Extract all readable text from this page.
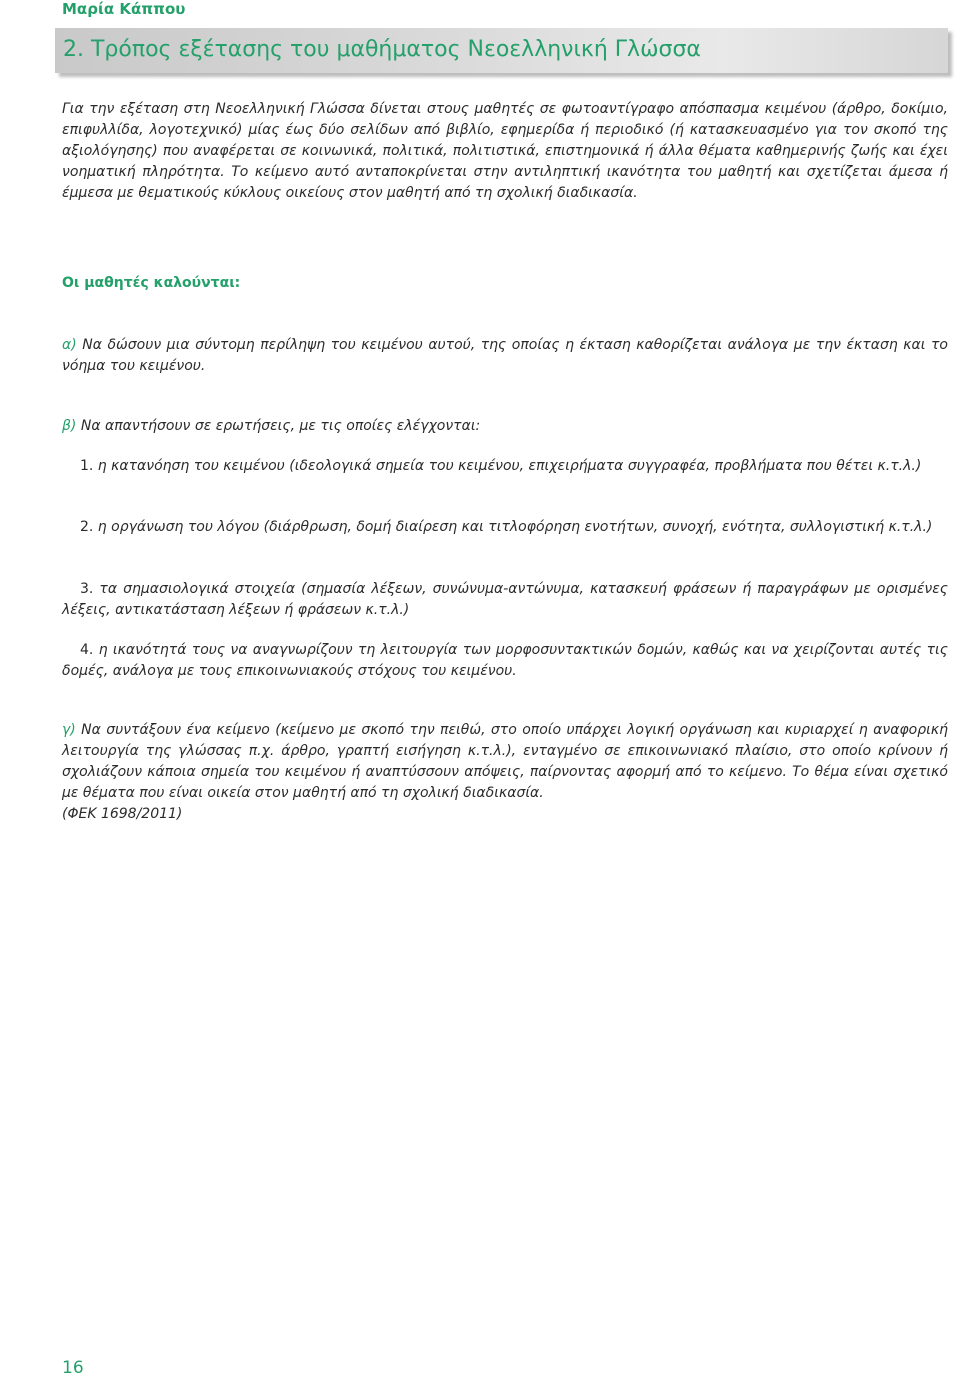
Μαρία Κάππου
2. Τρόπος εξέτασης του μαθήματος Νεοελληνική Γλώσσα

Για την εξέταση στη Νεοελληνική Γλώσσα δίνεται στους μαθητές σε φωτοαντίγραφο απόσπασμα κειμένου (άρθρο, δοκίμιο, επιφυλλίδα, λογοτεχνικό) μίας έως δύο σελίδων από βιβλίο, εφημερίδα ή περιοδικό (ή κατασκευασμένο για τον σκοπό της αξιολόγησης) που αναφέρεται σε κοινωνικά, πολιτικά, πολιτιστικά, επιστημονικά ή άλλα θέματα καθημερινής ζωής και έχει νοηματική πληρότητα. Το κείμενο αυτό ανταποκρίνεται στην αντιληπτική ικανότητα του μαθητή και σχετίζεται άμεσα ή έμμεσα με θεματικούς κύκλους οικείους στον μαθητή από τη σχολική διαδικασία.

Οι μαθητές καλούνται:
α) Να δώσουν μια σύντομη περίληψη του κειμένου αυτού, της οποίας η έκταση καθορίζεται ανάλογα με την έκταση και το νόημα του κειμένου.
β) Να απαντήσουν σε ερωτήσεις, με τις οποίες ελέγχονται:
1. η κατανόηση του κειμένου (ιδεολογικά σημεία του κειμένου, επιχειρήματα συγγραφέα, προβλήματα που θέτει κ.τ.λ.)
2. η οργάνωση του λόγου (διάρθρωση, δομή διαίρεση και τιτλοφόρηση ενοτήτων, συνοχή, ενότητα, συλλογιστική κ.τ.λ.)
3. τα σημασιολογικά στοιχεία (σημασία λέξεων, συνώνυμα-αντώνυμα, κατασκευή φράσεων ή παραγράφων με ορισμένες λέξεις, αντικατάσταση λέξεων ή φράσεων κ.τ.λ.)
4. η ικανότητά τους να αναγνωρίζουν τη λειτουργία των μορφοσυντακτικών δομών, καθώς και να χειρίζονται αυτές τις δομές, ανάλογα με τους επικοινωνιακούς στόχους του κειμένου.
γ) Να συντάξουν ένα κείμενο (κείμενο με σκοπό την πειθώ, στο οποίο υπάρχει λογική οργάνωση και κυριαρχεί η αναφορική λειτουργία της γλώσσας π.χ. άρθρο, γραπτή εισήγηση κ.τ.λ.), ενταγμένο σε επικοινωνιακό πλαίσιο, στο οποίο κρίνουν ή σχολιάζουν κάποια σημεία του κειμένου ή αναπτύσσουν απόψεις, παίρνοντας αφορμή από το κείμενο. Το θέμα είναι σχετικό με θέματα που είναι οικεία στον μαθητή από τη σχολική διαδικασία.
(ΦΕΚ 1698/2011)
16
